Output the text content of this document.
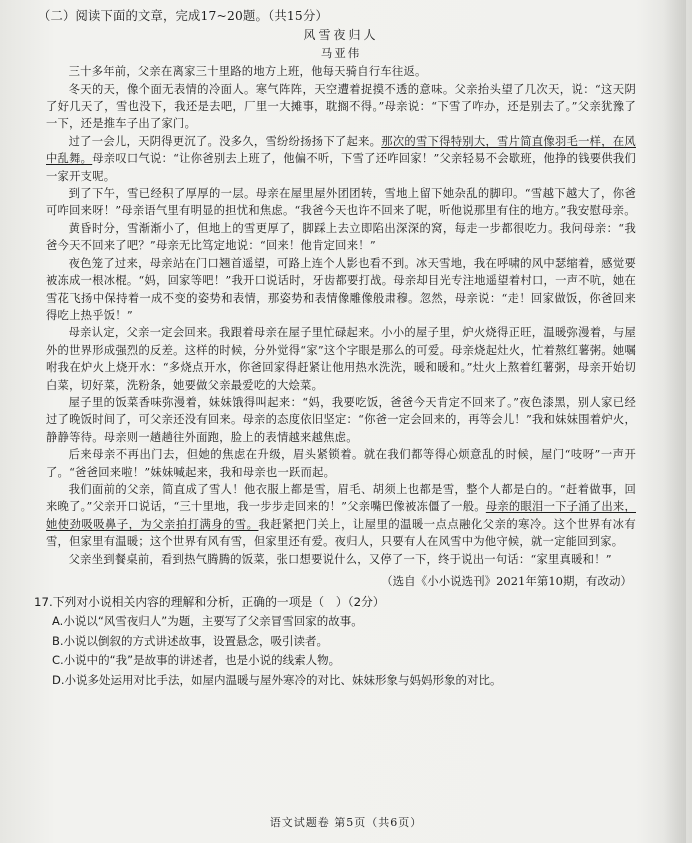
（二）阅读下面的文章，完成17~20题。（共15分）
风雪夜归人
马亚伟

三十多年前，父亲在离家三十里路的地方上班，他每天骑自行车往返。

冬天的天，像个面无表情的冷面人。寒气阵阵，天空遭着捉摸不透的意味。父亲抬头望了几次天，说：“这天阴了好几天了，雪也没下，我还是去吧，厂里一大摊事，耽搁不得。”母亲说：“下雪了咋办，还是别去了。”父亲犹豫了一下，还是推车子出了家门。

过了一会儿，天阴得更沉了。没多久，雪纷纷扬扬下了起来。那次的雪下得特别大，雪片简直像羽毛一样，在风中乱舞。母亲叹口气说：“让你爸别去上班了，他偏不听，下雪了还咋回家！”父亲轻易不会歇班，他挣的钱要供我们一家开支呢。

到了下午，雪已经积了厚厚的一层。母亲在屋里屋外团团转，雪地上留下她杂乱的脚印。“雪越下越大了，你爸可咋回来呀！”母亲语气里有明显的担忧和焦虑。“我爸今天也许不回来了呢，听他说那里有住的地方。”我安慰母亲。

黄昏时分，雪渐渐小了，但地上的雪更厚了，脚踩上去立即陷出深深的窝，每走一步都很吃力。我问母亲：“我爸今天不回来了吧？”母亲无比笃定地说：“回来！他肯定回来！”

夜色笼了过来，母亲站在门口翘首遥望，可路上连个人影也看不到。冰天雪地，我在呼啸的风中瑟缩着，感觉要被冻成一根冰棍。“妈，回家等吧！”我开口说话时，牙齿都要打战。母亲却目光专注地遥望着村口，一声不吭，她在雪花飞扬中保持着一成不变的姿势和表情，那姿势和表情像雕像般肃穆。忽然，母亲说：“走！回家做饭，你爸回来得吃上热乎饭！”

母亲认定，父亲一定会回来。我跟着母亲在屋子里忙碌起来。小小的屋子里，炉火烧得正旺，温暖弥漫着，与屋外的世界形成强烈的反差。这样的时候，分外觉得“家”这个字眼是那么的可爱。母亲烧起灶火，忙着熬红薯粥。她嘱咐我在炉火上烧开水：“多烧点开水，你爸回家得赶紧让他用热水洗洗，暖和暖和。”灶火上熬着红薯粥，母亲开始切白菜，切好菜，洗粉条，她要做父亲最爱吃的大烩菜。

屋子里的饭菜香味弥漫着，妹妹饿得叫起来：“妈，我要吃饭，爸爸今天肯定不回来了。”夜色漆黑，别人家已经过了晚饭时间了，可父亲还没有回来。母亲的态度依旧坚定：“你爸一定会回来的，再等会儿！”我和妹妹围着炉火，静静等待。母亲则一趟趟往外面跑，脸上的表情越来越焦虑。

后来母亲不再出门去，但她的焦虑在升级，眉头紧锁着。就在我们都等得心烦意乱的时候，屋门“吱呀”一声开了。“爸爸回来啦！”妹妹喊起来，我和母亲也一跃而起。

我们面前的父亲，简直成了雪人！他衣服上都是雪，眉毛、胡须上也都是雪，整个人都是白的。“赶着做事，回来晚了。”父亲开口说话，“三十里地，我一步步走回来的！”父亲嘴巴像被冻僵了一般。母亲的眼泪一下子涌了出来，她使劲吸吸鼻子，为父亲拍打满身的雪。我赶紧把门关上，让屋里的温暖一点点融化父亲的寒冷。这个世界有冰有雪，但家里有温暖；这个世界有风有雪，但家里还有爱。夜归人，只要有人在风雪中为他守候，就一定能回到家。

父亲坐到餐桌前，看到热气腾腾的饭菜，张口想要说什么，又停了一下，终于说出一句话：“家里真暖和！”

（选自《小小说选刊》2021年第10期，有改动）
17.下列对小说相关内容的理解和分析，正确的一项是（　）（2分）
A.小说以“风雪夜归人”为题，主要写了父亲冒雪回家的故事。
B.小说以倒叙的方式讲述故事，设置悬念，吸引读者。
C.小说中的“我”是故事的讲述者，也是小说的线索人物。
D.小说多处运用对比手法，如屋内温暖与屋外寒冷的对比、妹妹形象与妈妈形象的对比。
语文试题卷 第5页（共6页）
